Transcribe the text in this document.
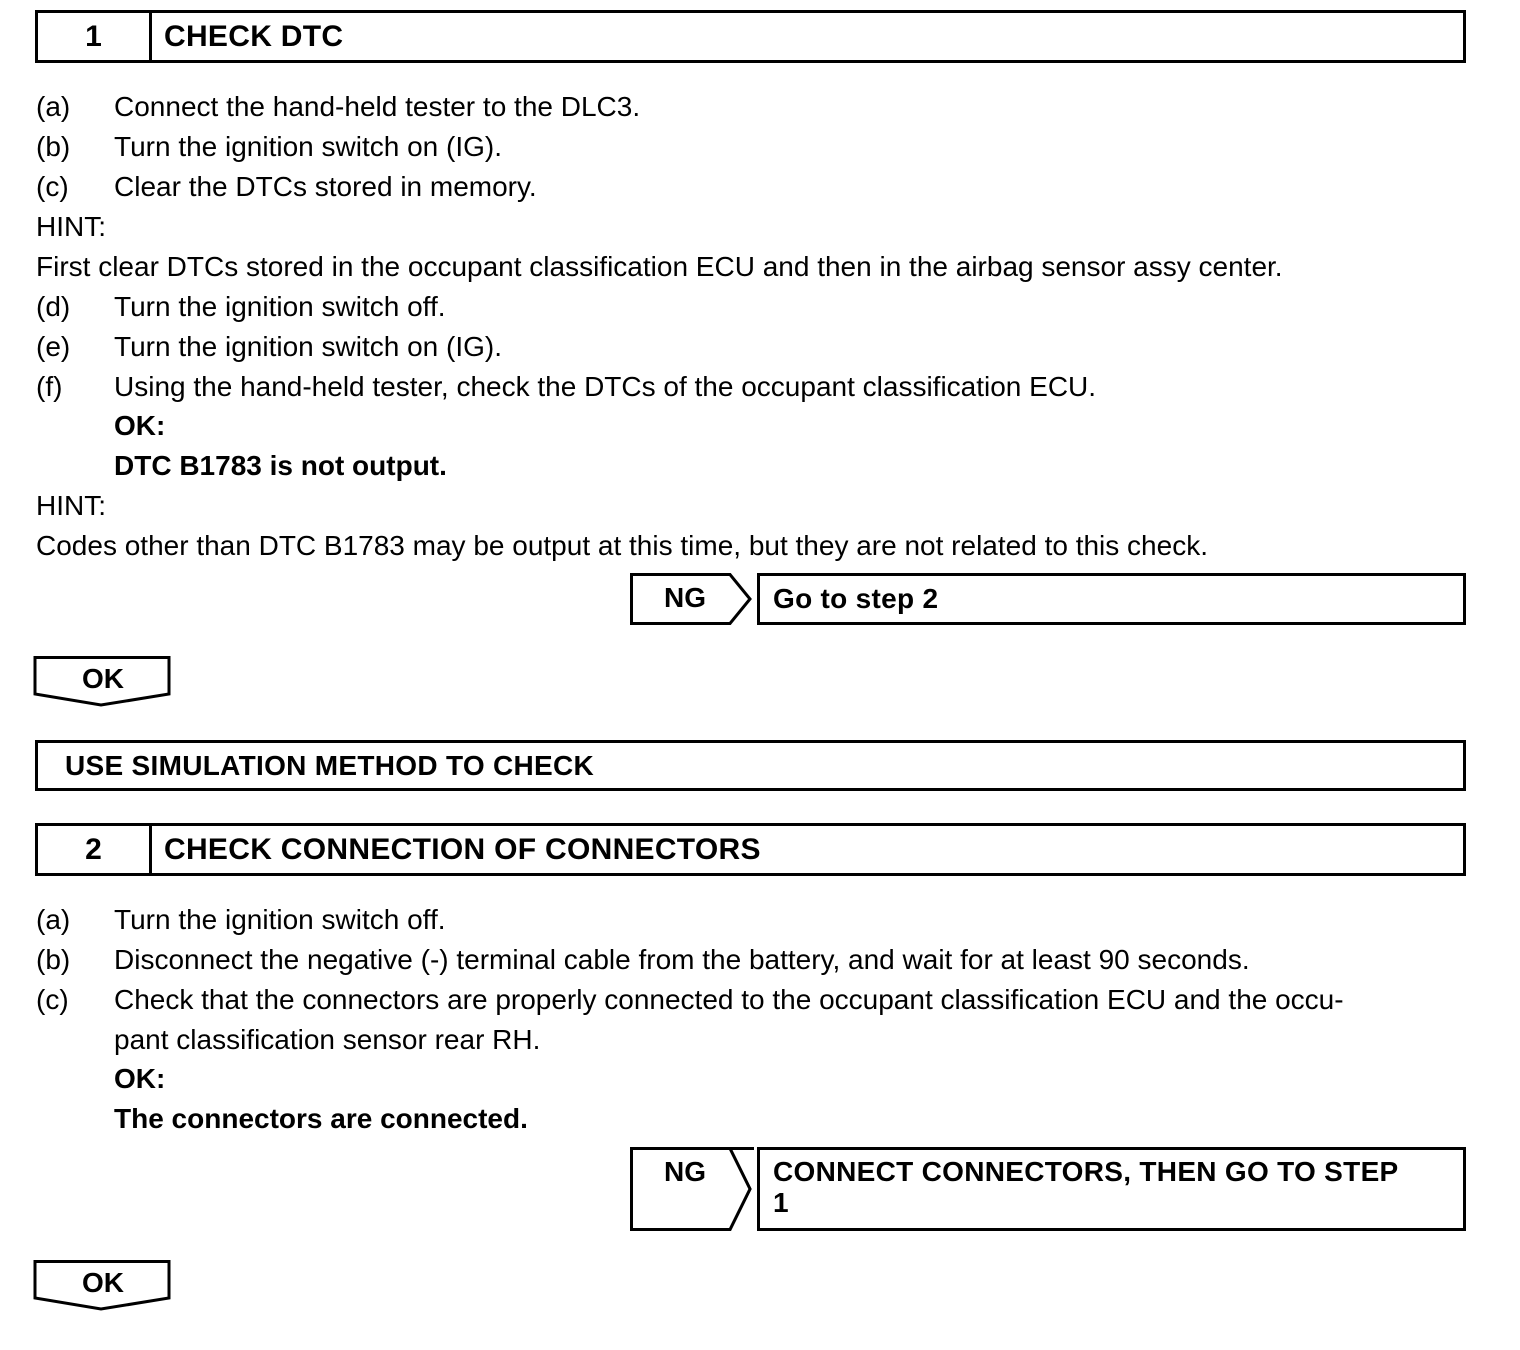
1	CHECK DTC
(a) Connect the hand-held tester to the DLC3.
(b) Turn the ignition switch on (IG).
(c) Clear the DTCs stored in memory.
HINT:
First clear DTCs stored in the occupant classification ECU and then in the airbag sensor assy center.
(d) Turn the ignition switch off.
(e) Turn the ignition switch on (IG).
(f) Using the hand-held tester, check the DTCs of the occupant classification ECU.
OK:
DTC B1783 is not output.
HINT:
Codes other than DTC B1783 may be output at this time, but they are not related to this check.
NG	Go to step 2
OK
USE SIMULATION METHOD TO CHECK
2	CHECK CONNECTION OF CONNECTORS
(a) Turn the ignition switch off.
(b) Disconnect the negative (-) terminal cable from the battery, and wait for at least 90 seconds.
(c) Check that the connectors are properly connected to the occupant classification ECU and the occu-
pant classification sensor rear RH.
OK:
The connectors are connected.
NG	CONNECT CONNECTORS, THEN GO TO STEP
1
OK
